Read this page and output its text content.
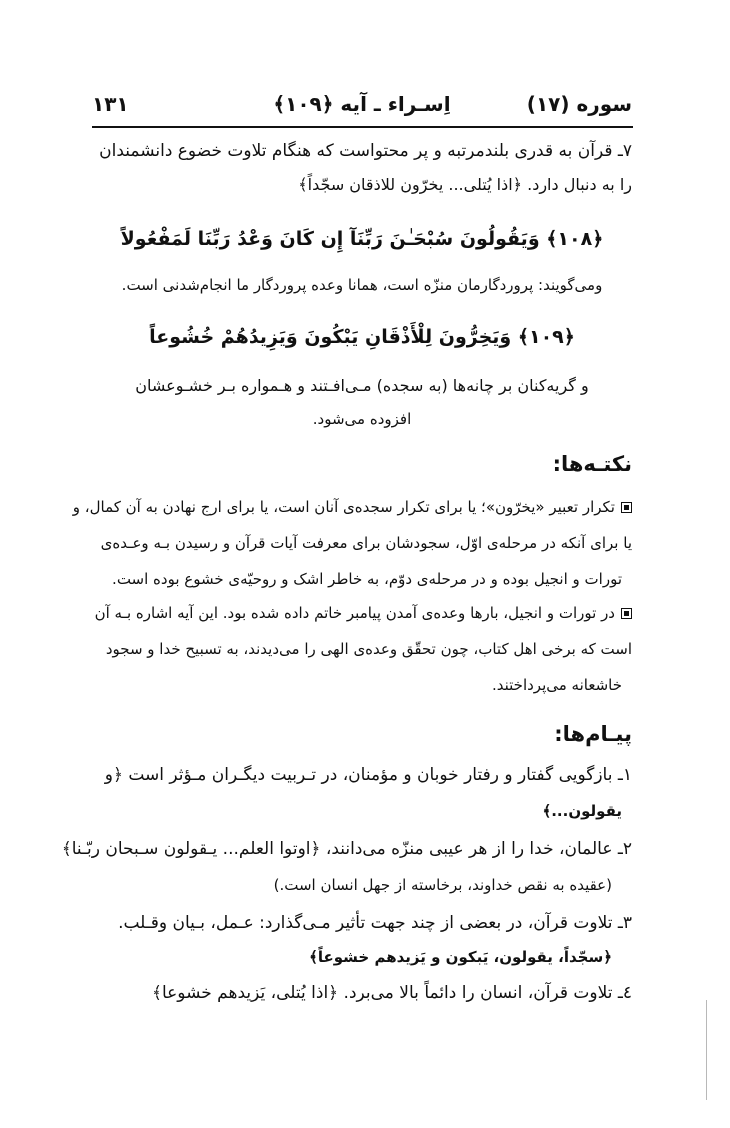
سوره (۱۷)
اِسـراء ـ آیه ﴿۱۰۹﴾
۱۳۱
۷ـ قرآن به قدری بلندمرتبه و پر محتواست که هنگام تلاوت خضوع دانشمندان
را به دنبال دارد. ﴿اذا یُتلی... یخرّون للاذقان سجّداً﴾
﴿۱۰۸﴾ وَيَقُولُونَ سُبْحَـٰنَ رَبِّنَآ إِن كَانَ وَعْدُ رَبِّنَا لَمَفْعُولاً
ومی‌گویند: پروردگارمان منزّه است، همانا وعده پروردگار ما انجام‌شدنی است.
﴿۱۰۹﴾ وَيَخِرُّونَ لِلْأَذْقَانِ يَبْكُونَ وَيَزِيدُهُمْ خُشُوعاً
و گریه‌کنان بر چانه‌ها (به سجده) مـی‌افـتند و هـمواره بـر خشـوعشان
افزوده می‌شود.
نکتـه‌ها:
تکرار تعبیر «یخرّون»؛ یا برای تکرار سجده‌ی آنان است، یا برای ارج نهادن به آن کمال، و
یا برای آنکه در مرحله‌ی اوّل، سجودشان برای معرفت آیات قرآن و رسیدن بـه وعـده‌ی
تورات و انجیل بوده و در مرحله‌ی دوّم، به خاطر اشک و روحیّه‌ی خشوع بوده است.
در تورات و انجیل، بارها وعده‌ی آمدن پیامبر خاتم داده شده بود. این آیه اشاره بـه آن
است که برخی اهل کتاب، چون تحقّق وعده‌ی الهی را می‌دیدند، به تسبیح خدا و سجود
خاشعانه می‌پرداختند.
پیـام‌ها:
۱ـ بازگویی گفتار و رفتار خوبان و مؤمنان، در تـربیت دیگـران مـؤثر است ﴿و
یقولون...﴾
۲ـ عالمان، خدا را از هر عیبی منزّه می‌دانند، ﴿اوتوا العلم... یـقولون سـبحان ربّـنا﴾
(عقیده به نقص خداوند، برخاسته از جهل انسان است.)
۳ـ تلاوت قرآن، در بعضی از چند جهت تأثیر مـی‌گذارد: عـمل، بـیان وقـلب.
﴿سجّداً، یقولون، یَبکون و یَزیدهم خشوعاً﴾
٤ـ تلاوت قرآن، انسان را دائماً بالا می‌برد. ﴿اذا یُتلی، یَزیدهم خشوعا﴾
